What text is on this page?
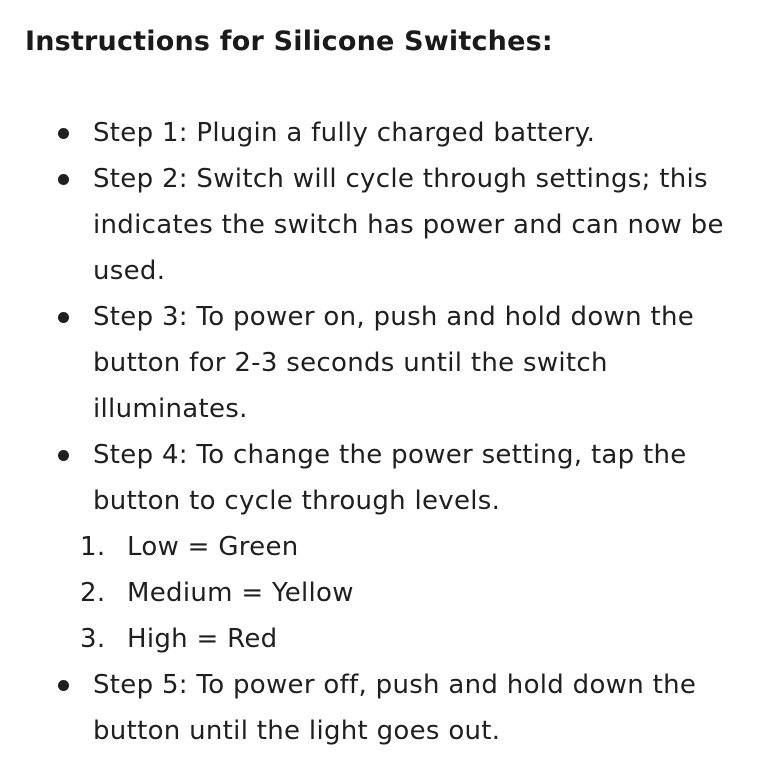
Instructions for Silicone Switches:
Step 1: Plugin a fully charged battery.
Step 2: Switch will cycle through settings; this indicates the switch has power and can now be used.
Step 3: To power on, push and hold down the button for 2-3 seconds until the switch illuminates.
Step 4: To change the power setting, tap the button to cycle through levels.
1. Low = Green
2. Medium = Yellow
3. High = Red
Step 5: To power off, push and hold down the button until the light goes out.
